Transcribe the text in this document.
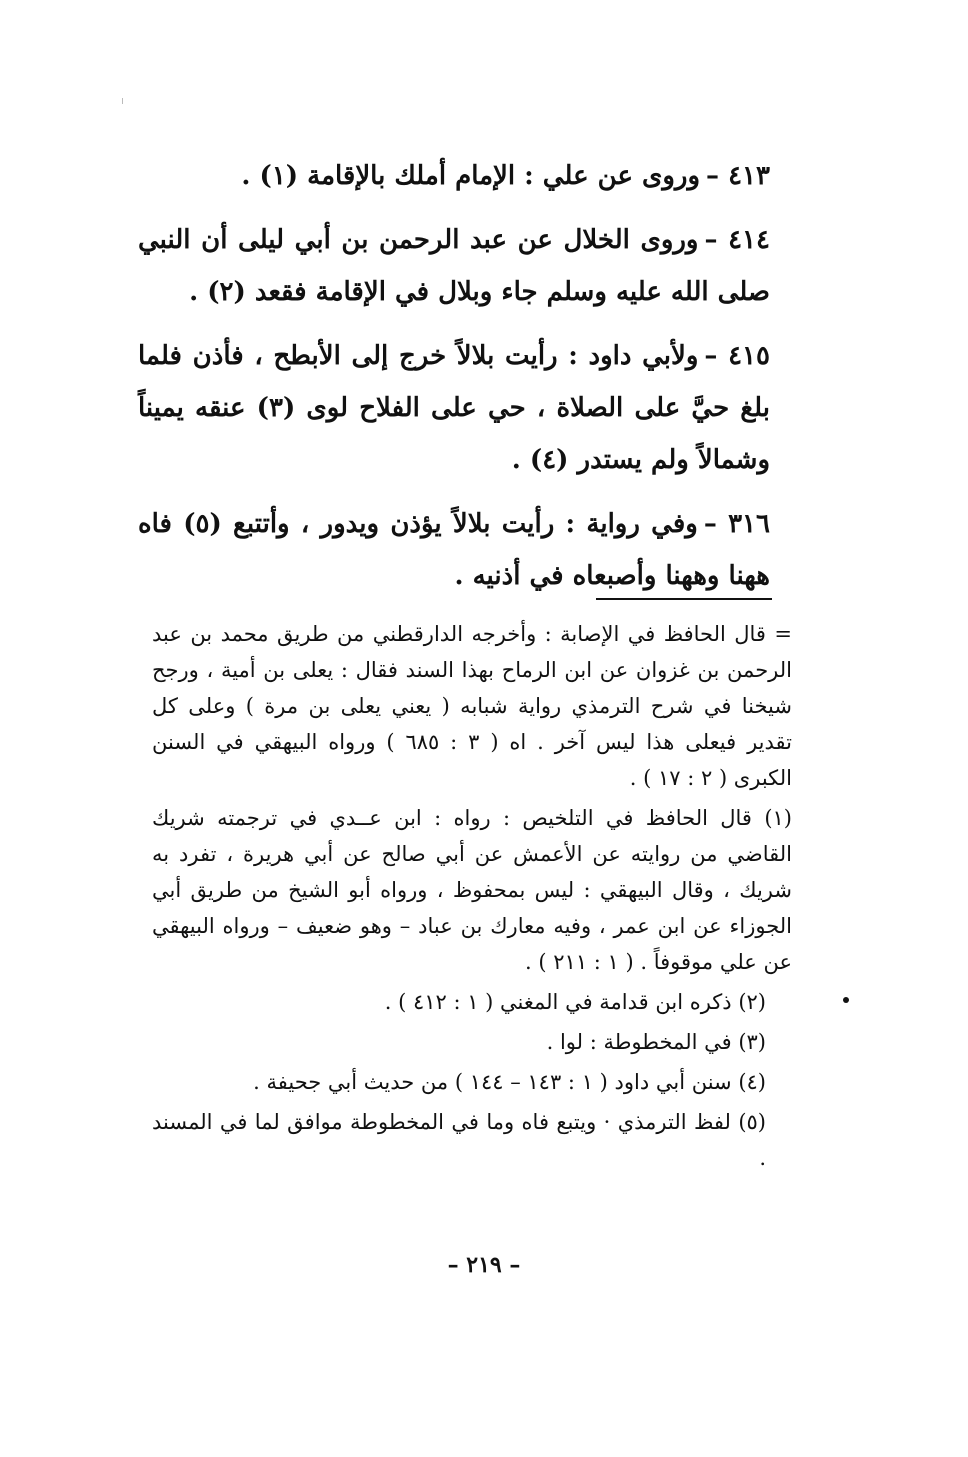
٤١٣ –وروى عن علي : الإمام أملك بالإقامة (١) .

٤١٤ –وروى الخلال عن عبد الرحمن بن أبي ليلى أن النبي صلى الله عليه وسلم جاء وبلال في الإقامة فقعد (٢) .

٤١٥ –ولأبي داود : رأيت بلالاً خرج إلى الأبطح ، فأذن فلما بلغ حيَّ على الصلاة ، حي على الفلاح لوى (٣) عنقه يميناً وشمالاً ولم يستدر (٤) .

٣١٦ –وفي رواية : رأيت بلالاً يؤذن ويدور ، وأتتبع (٥) فاه ههنا وههنا وأصبعاه في أذنيه .

= قال الحافظ في الإصابة : وأخرجه الدارقطني من طريق محمد بن عبد الرحمن بن غزوان عن ابن الرماح بهذا السند فقال : يعلى بن أمية ، ورجح شيخنا في شرح الترمذي رواية شبابه ( يعني يعلى بن مرة ) وعلى كل تقدير فيعلى هذا ليس آخر . اه ( ٣ : ٦٨٥ ) ورواه البيهقي في السنن الكبرى ( ٢ : ١٧ ) .

(١) قال الحافظ في التلخيص : رواه : ابن عــدي في ترجمته شريك القاضي من روايته عن الأعمش عن أبي صالح عن أبي هريرة ، تفرد به شريك ، وقال البيهقي : ليس بمحفوظ ، ورواه أبو الشيخ من طريق أبي الجوزاء عن ابن عمر ، وفيه معارك بن عباد – وهو ضعيف – ورواه البيهقي عن علي موقوفاً . ( ١ : ٢١١ ) .

(٢) ذكره ابن قدامة في المغني ( ١ : ٤١٢ ) .

(٣) في المخطوطة : لوا .

(٤) سنن أبي داود ( ١ : ١٤٣ – ١٤٤ ) من حديث أبي جحيفة .

(٥) لفظ الترمذي · ويتبع فاه وما في المخطوطة موافق لما في المسند .

– ٢١٩ –
